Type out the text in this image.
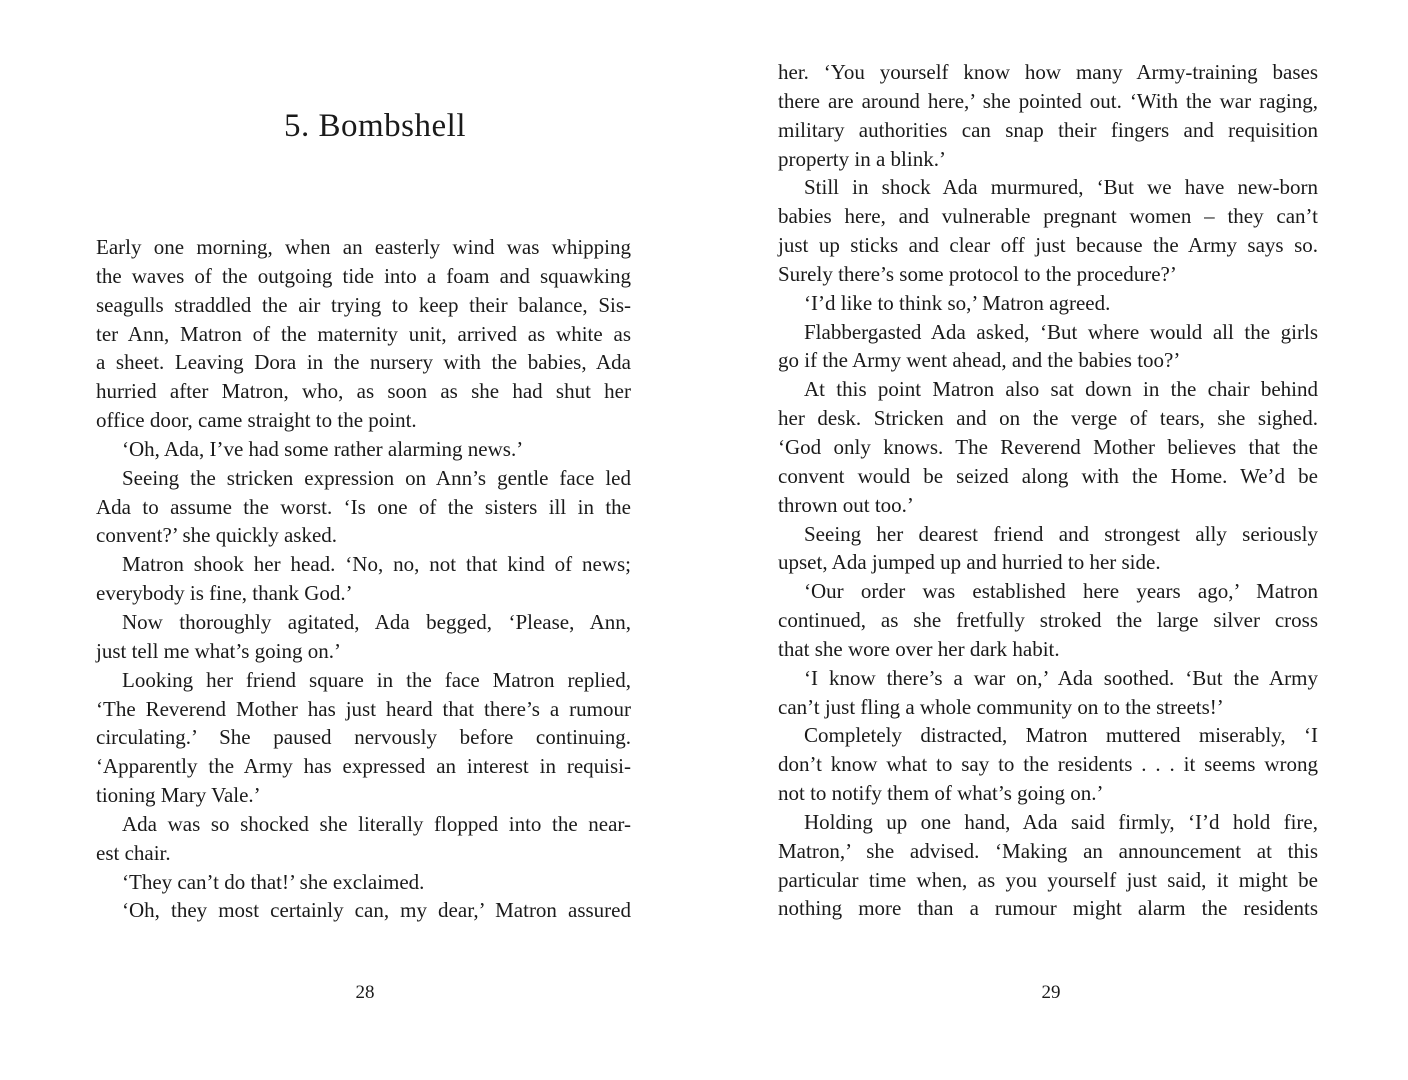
5. Bombshell
Early one morning, when an easterly wind was whipping
the waves of the outgoing tide into a foam and squawking
seagulls straddled the air trying to keep their balance, Sis-
ter Ann, Matron of the maternity unit, arrived as white as
a sheet. Leaving Dora in the nursery with the babies, Ada
hurried after Matron, who, as soon as she had shut her
office door, came straight to the point.
‘Oh, Ada, I’ve had some rather alarming news.’
Seeing the stricken expression on Ann’s gentle face led
Ada to assume the worst. ‘Is one of the sisters ill in the
convent?’ she quickly asked.
Matron shook her head. ‘No, no, not that kind of news;
everybody is fine, thank God.’
Now thoroughly agitated, Ada begged, ‘Please, Ann,
just tell me what’s going on.’
Looking her friend square in the face Matron replied,
‘The Reverend Mother has just heard that there’s a rumour
circulating.’ She paused nervously before continuing.
‘Apparently the Army has expressed an interest in requisi-
tioning Mary Vale.’
Ada was so shocked she literally flopped into the near-
est chair.
‘They can’t do that!’ she exclaimed.
‘Oh, they most certainly can, my dear,’ Matron assured
28
her. ‘You yourself know how many Army-training bases
there are around here,’ she pointed out. ‘With the war raging,
military authorities can snap their fingers and requisition
property in a blink.’
Still in shock Ada murmured, ‘But we have new-born
babies here, and vulnerable pregnant women – they can’t
just up sticks and clear off just because the Army says so.
Surely there’s some protocol to the procedure?’
‘I’d like to think so,’ Matron agreed.
Flabbergasted Ada asked, ‘But where would all the girls
go if the Army went ahead, and the babies too?’
At this point Matron also sat down in the chair behind
her desk. Stricken and on the verge of tears, she sighed.
‘God only knows. The Reverend Mother believes that the
convent would be seized along with the Home. We’d be
thrown out too.’
Seeing her dearest friend and strongest ally seriously
upset, Ada jumped up and hurried to her side.
‘Our order was established here years ago,’ Matron
continued, as she fretfully stroked the large silver cross
that she wore over her dark habit.
‘I know there’s a war on,’ Ada soothed. ‘But the Army
can’t just fling a whole community on to the streets!’
Completely distracted, Matron muttered miserably, ‘I
don’t know what to say to the residents . . . it seems wrong
not to notify them of what’s going on.’
Holding up one hand, Ada said firmly, ‘I’d hold fire,
Matron,’ she advised. ‘Making an announcement at this
particular time when, as you yourself just said, it might be
nothing more than a rumour might alarm the residents
29
